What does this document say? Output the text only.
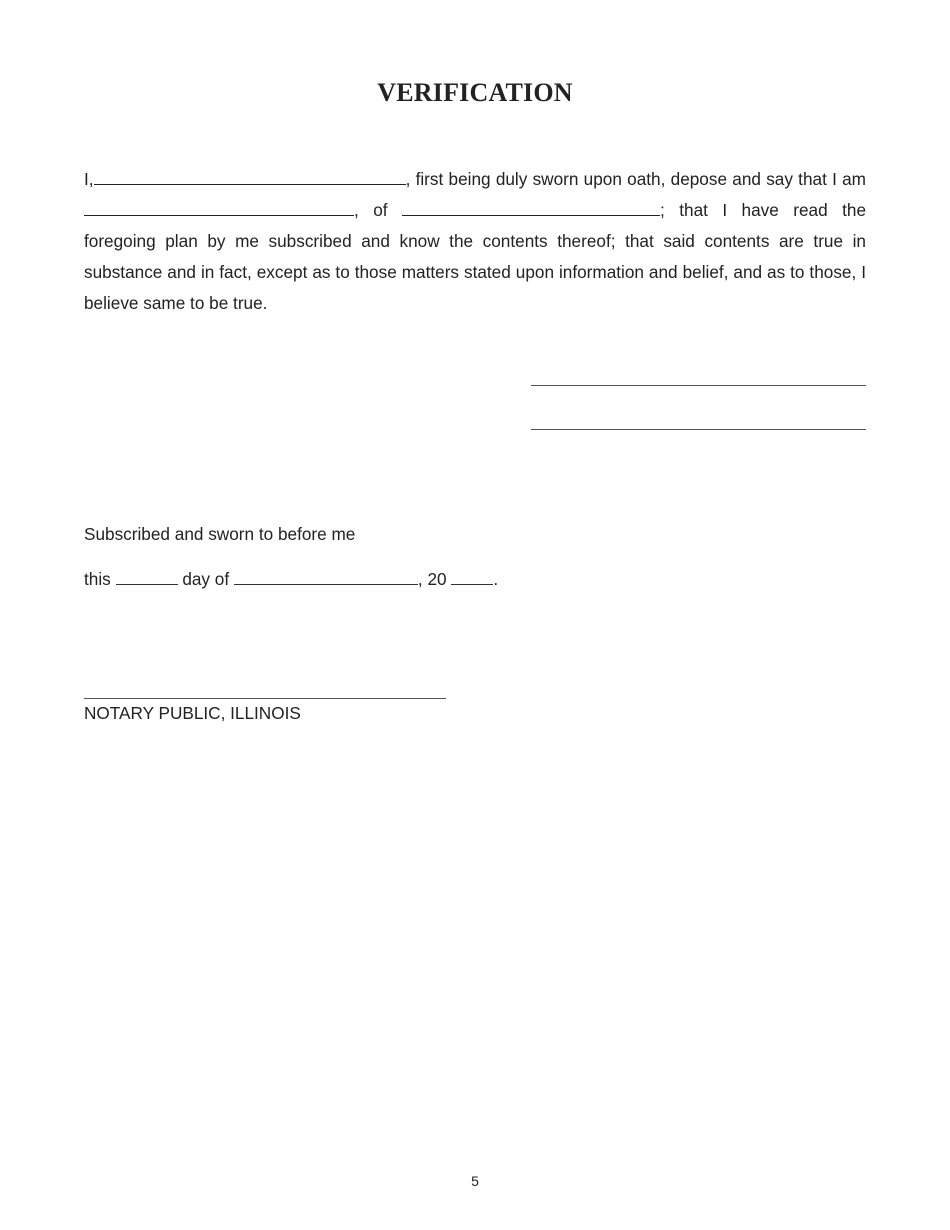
VERIFICATION

I,	, first being duly sworn upon oath, depose and say that I am , of	; that I have read the foregoing plan by me subscribed and know the contents thereof; that said contents are true in substance and in fact, except as to those matters stated upon information and belief, and as to those, I believe same to be true.

Subscribed and sworn to before me

this	day of	, 20	.

NOTARY PUBLIC, ILLINOIS

5
